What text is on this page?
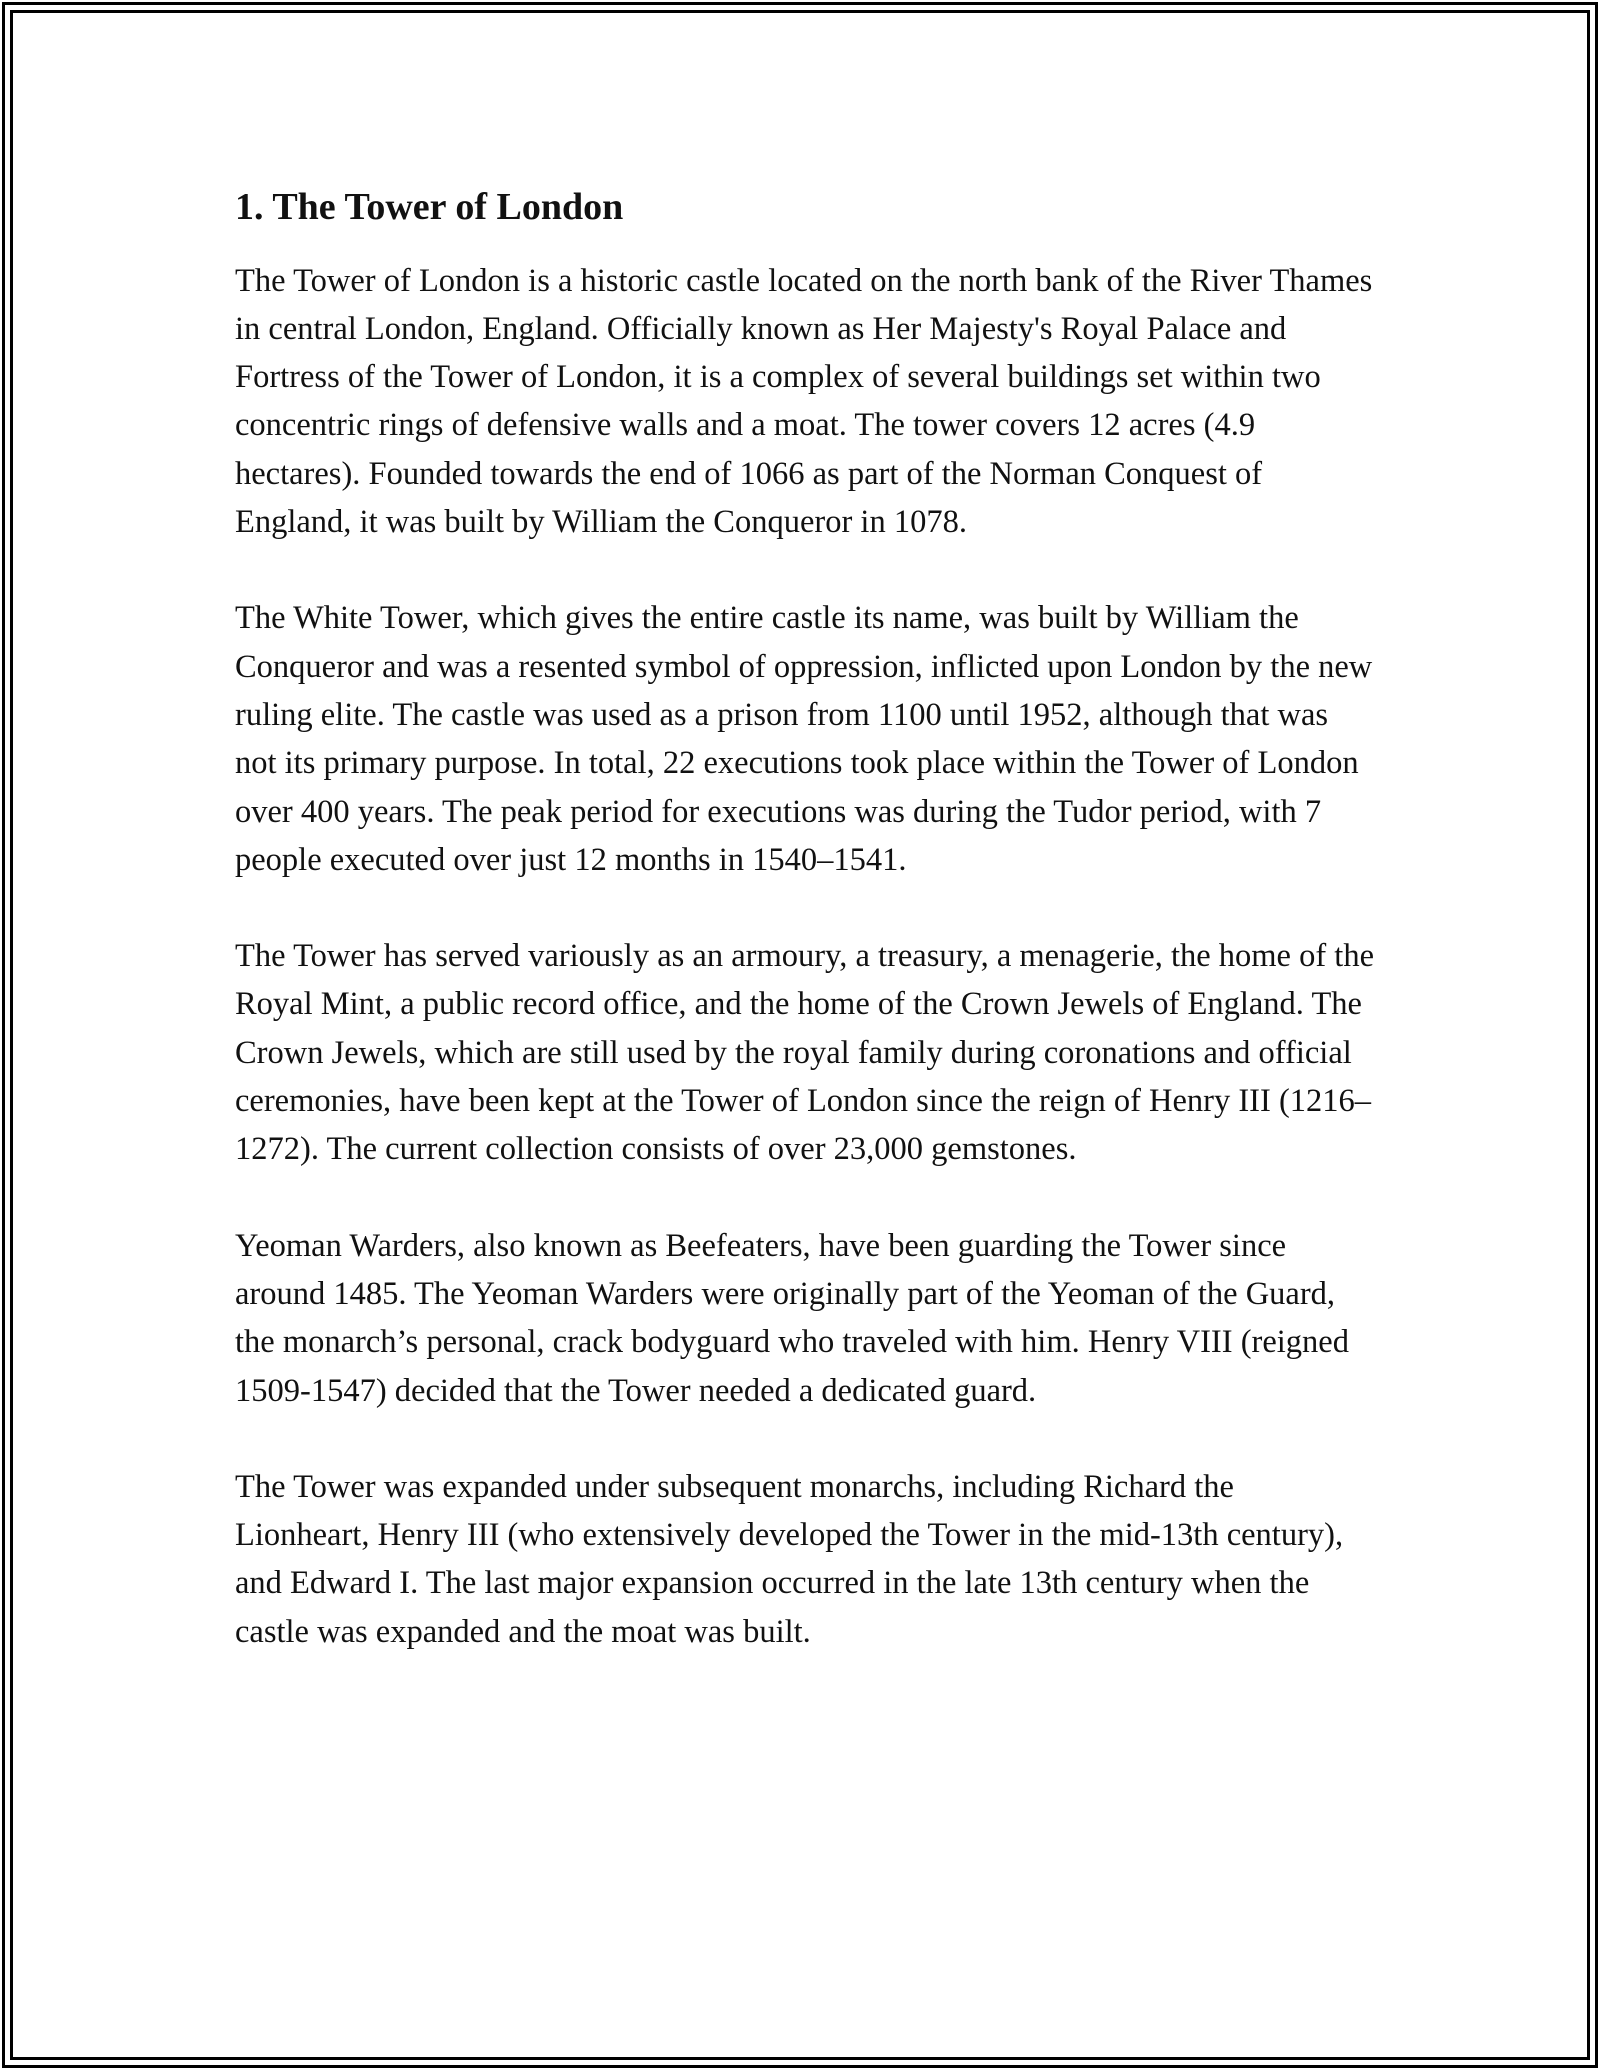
1. The Tower of London

The Tower of London is a historic castle located on the north bank of the River Thames in central London, England. Officially known as Her Majesty's Royal Palace and Fortress of the Tower of London, it is a complex of several buildings set within two concentric rings of defensive walls and a moat. The tower covers 12 acres (4.9 hectares). Founded towards the end of 1066 as part of the Norman Conquest of England, it was built by William the Conqueror in 1078.

The White Tower, which gives the entire castle its name, was built by William the Conqueror and was a resented symbol of oppression, inflicted upon London by the new ruling elite. The castle was used as a prison from 1100 until 1952, although that was not its primary purpose. In total, 22 executions took place within the Tower of London over 400 years. The peak period for executions was during the Tudor period, with 7 people executed over just 12 months in 1540–1541.

The Tower has served variously as an armoury, a treasury, a menagerie, the home of the Royal Mint, a public record office, and the home of the Crown Jewels of England. The Crown Jewels, which are still used by the royal family during coronations and official ceremonies, have been kept at the Tower of London since the reign of Henry III (1216–1272). The current collection consists of over 23,000 gemstones.

Yeoman Warders, also known as Beefeaters, have been guarding the Tower since around 1485. The Yeoman Warders were originally part of the Yeoman of the Guard, the monarch’s personal, crack bodyguard who traveled with him. Henry VIII (reigned 1509-1547) decided that the Tower needed a dedicated guard.

The Tower was expanded under subsequent monarchs, including Richard the Lionheart, Henry III (who extensively developed the Tower in the mid-13th century), and Edward I. The last major expansion occurred in the late 13th century when the castle was expanded and the moat was built.
